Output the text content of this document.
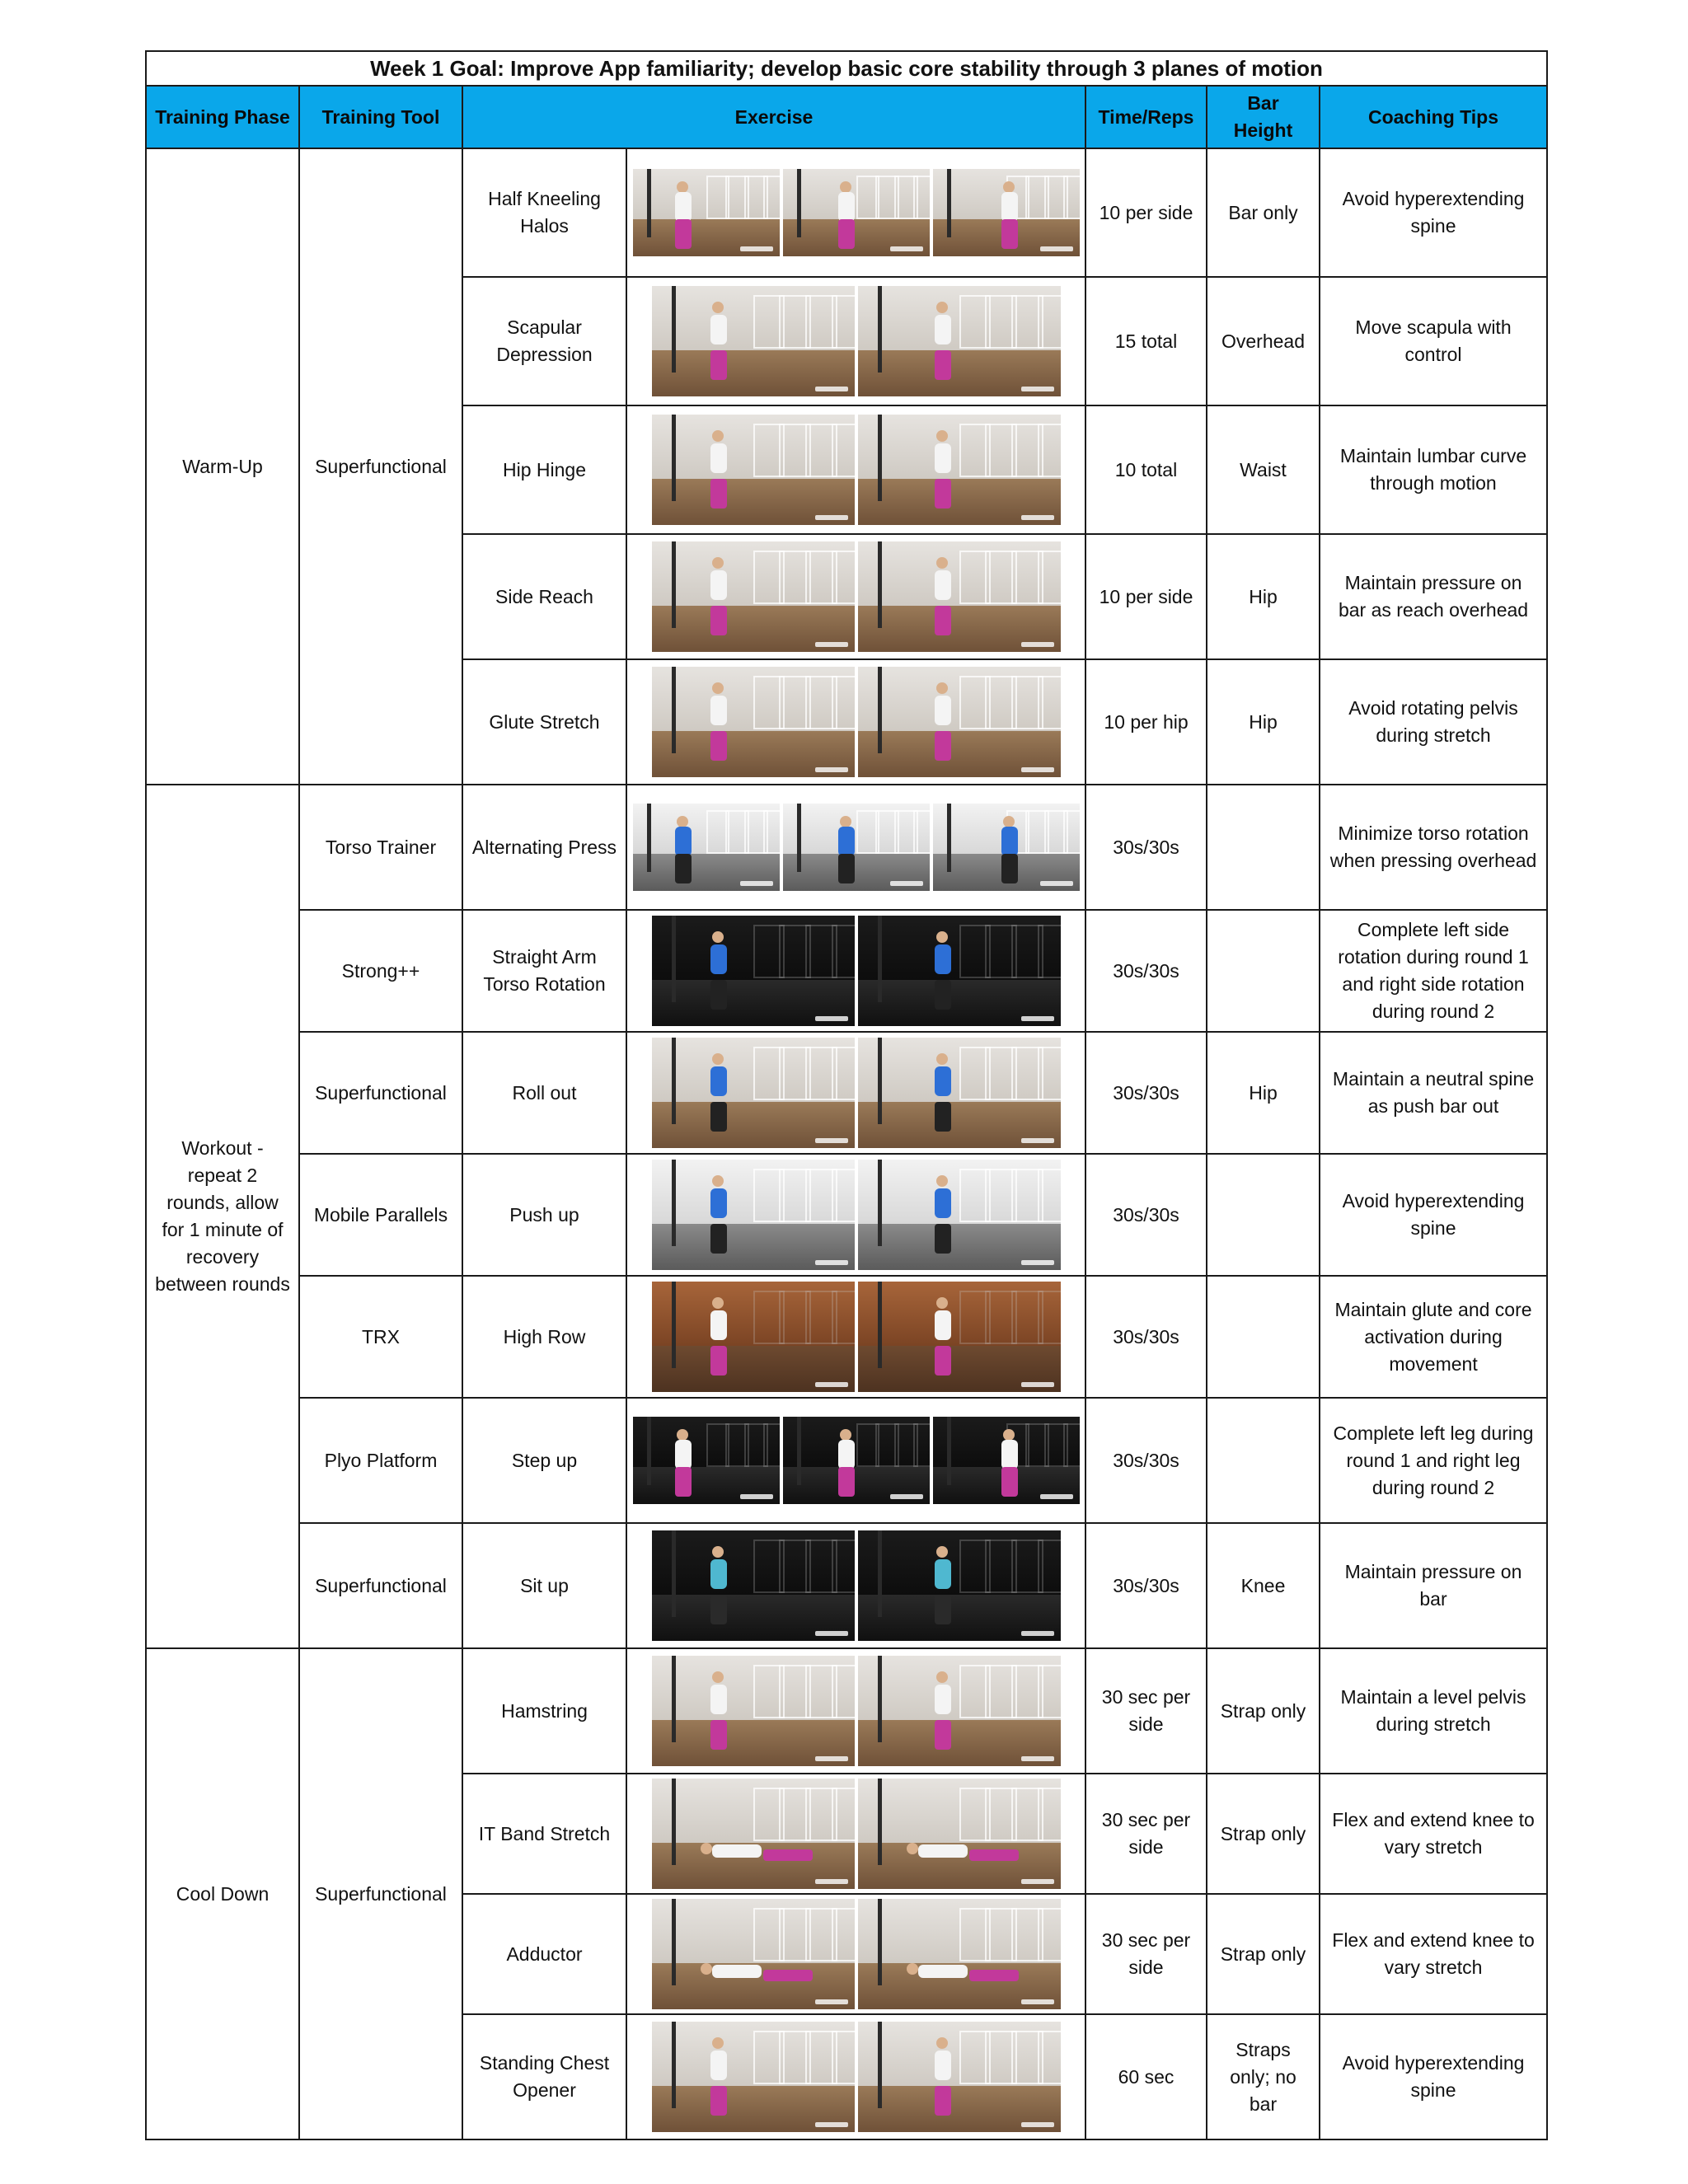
Week 1 Goal: Improve App familiarity; develop basic core stability through 3 planes of motion						
Training Phase	Training Tool	Exercise		Time/Reps	Bar Height	Coaching Tips
Warm-Up	Superfunctional	Half Kneeling Halos		10 per side	Bar only	Avoid hyperextending spine
		Scapular Depression		15 total	Overhead	Move scapula with control
		Hip Hinge		10 total	Waist	Maintain lumbar curve through motion
		Side Reach		10 per side	Hip	Maintain pressure on bar as reach overhead
		Glute Stretch		10 per hip	Hip	Avoid rotating pelvis during stretch
Workout - repeat 2 rounds, allow for 1 minute of recovery between rounds	Torso Trainer	Alternating Press		30s/30s		Minimize torso rotation when pressing overhead
	Strong++	Straight Arm Torso Rotation		30s/30s		Complete left side rotation during round 1 and right side rotation during round 2
	Superfunctional	Roll out		30s/30s	Hip	Maintain a neutral spine as push bar out
	Mobile Parallels	Push up		30s/30s		Avoid hyperextending spine
	TRX	High Row		30s/30s		Maintain glute and core activation during movement
	Plyo Platform	Step up		30s/30s		Complete left leg during round 1 and right leg during round 2
	Superfunctional	Sit up		30s/30s	Knee	Maintain pressure on bar
Cool Down	Superfunctional	Hamstring		30 sec per side	Strap only	Maintain a level pelvis during stretch
		IT Band Stretch		30 sec per side	Strap only	Flex and extend knee to vary stretch
		Adductor		30 sec per side	Strap only	Flex and extend knee to vary stretch
		Standing Chest Opener		60 sec	Straps only; no bar	Avoid hyperextending spine
